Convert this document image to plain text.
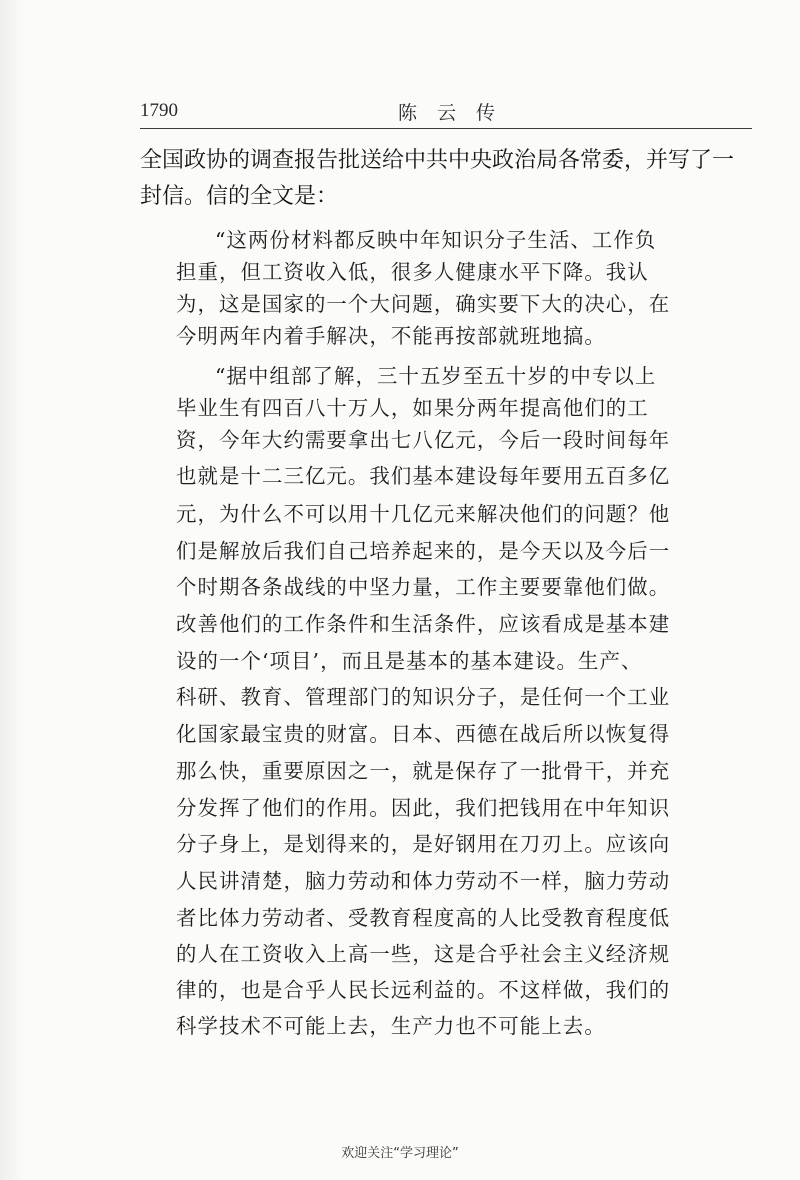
1790	陈云传
全国政协的调查报告批送给中共中央政治局各常委，并写了一
封信。信的全文是：
“这两份材料都反映中年知识分子生活、工作负
担重，但工资收入低，很多人健康水平下降。我认
为，这是国家的一个大问题，确实要下大的决心，在
今明两年内着手解决，不能再按部就班地搞。
“据中组部了解，三十五岁至五十岁的中专以上
毕业生有四百八十万人，如果分两年提高他们的工
资，今年大约需要拿出七八亿元，今后一段时间每年
也就是十二三亿元。我们基本建设每年要用五百多亿
元，为什么不可以用十几亿元来解决他们的问题？他
们是解放后我们自己培养起来的，是今天以及今后一
个时期各条战线的中坚力量，工作主要要靠他们做。
改善他们的工作条件和生活条件，应该看成是基本建
设的一个‘项目’，而且是基本的基本建设。生产、
科研、教育、管理部门的知识分子，是任何一个工业
化国家最宝贵的财富。日本、西德在战后所以恢复得
那么快，重要原因之一，就是保存了一批骨干，并充
分发挥了他们的作用。因此，我们把钱用在中年知识
分子身上，是划得来的，是好钢用在刀刃上。应该向
人民讲清楚，脑力劳动和体力劳动不一样，脑力劳动
者比体力劳动者、受教育程度高的人比受教育程度低
的人在工资收入上高一些，这是合乎社会主义经济规
律的，也是合乎人民长远利益的。不这样做，我们的
科学技术不可能上去，生产力也不可能上去。
欢迎关注“学习理论”
